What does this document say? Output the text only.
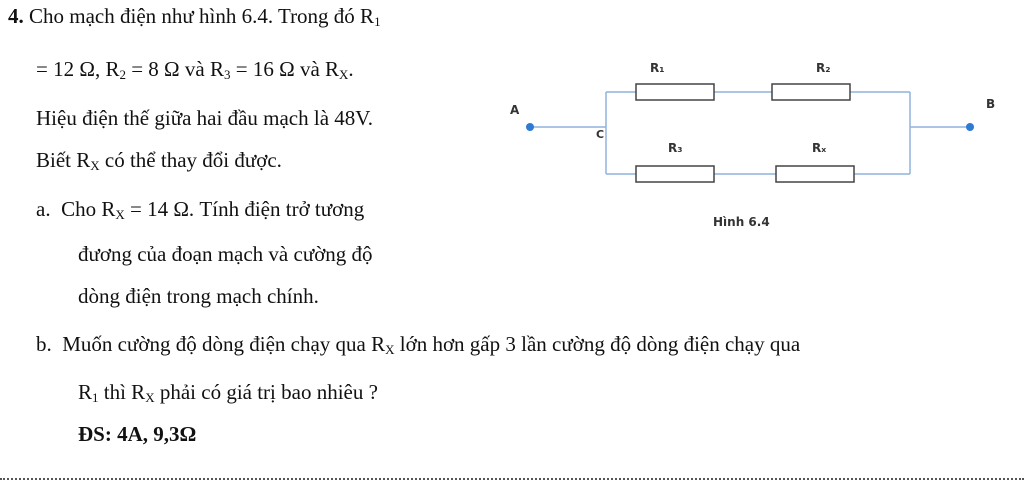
4. Cho mạch điện như hình 6.4. Trong đó $R_1$
= 12 Ω, $R_2 = 8$ Ω và $R_3 = 16$ Ω và $R_X$.
Hiệu điện thế giữa hai đầu mạch là 48V.
Biết $R_X$ có thể thay đổi được.
a. Cho $R_X = 14$ Ω. Tính điện trở tương
đương của đoạn mạch và cường độ
dòng điện trong mạch chính.
b. Muốn cường độ dòng điện chạy qua $R_X$ lớn hơn gấp 3 lần cường độ dòng điện chạy qua
$R_1$ thì $R_X$ phải có giá trị bao nhiêu ?
ĐS: 4A, 9,3Ω
A	B
C
R₁	R₂
R₃	Rₓ
Hình 6.4
